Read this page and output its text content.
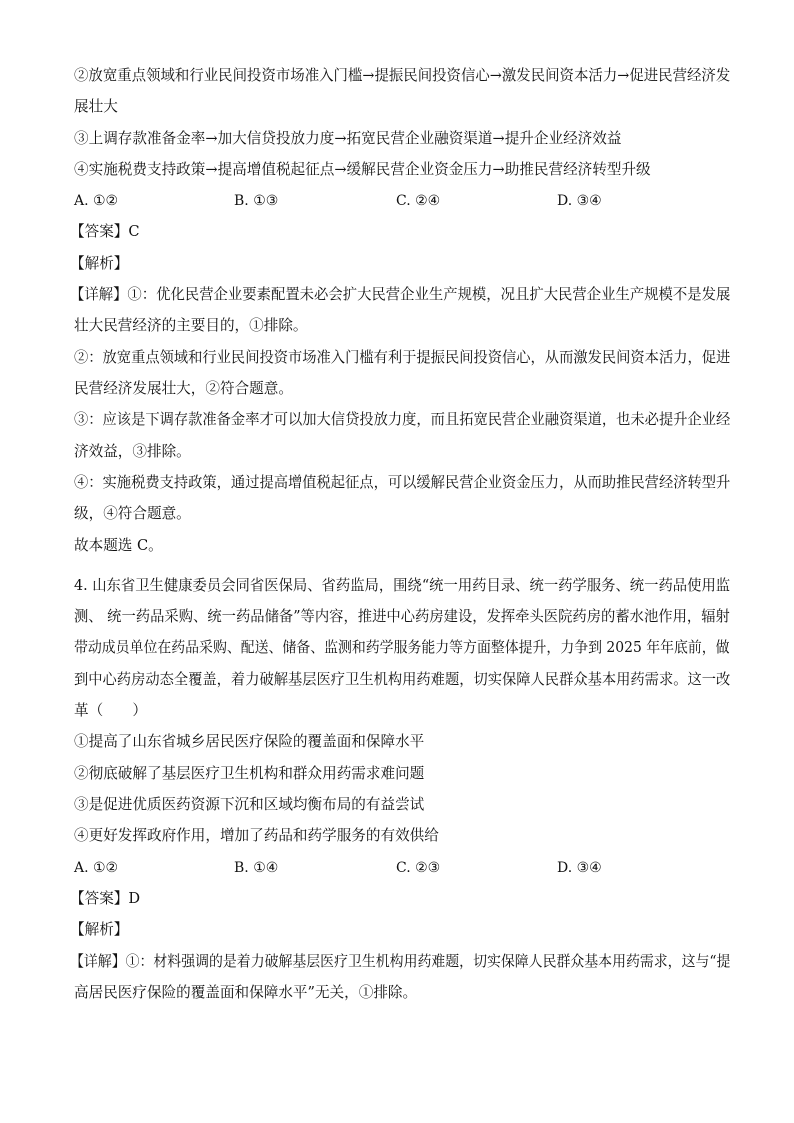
②放宽重点领域和行业民间投资市场准入门槛→提振民间投资信心→激发民间资本活力→促进民营经济发
展壮大
③上调存款准备金率→加大信贷投放力度→拓宽民营企业融资渠道→提升企业经济效益
④实施税费支持政策→提高增值税起征点→缓解民营企业资金压力→助推民营经济转型升级
A. ①②	B. ①③	C. ②④	D. ③④
【答案】C
【解析】
【详解】①：优化民营企业要素配置未必会扩大民营企业生产规模，况且扩大民营企业生产规模不是发展
壮大民营经济的主要目的，①排除。
②：放宽重点领域和行业民间投资市场准入门槛有利于提振民间投资信心，从而激发民间资本活力，促进
民营经济发展壮大，②符合题意。
③：应该是下调存款准备金率才可以加大信贷投放力度，而且拓宽民营企业融资渠道，也未必提升企业经
济效益，③排除。
④：实施税费支持政策，通过提高增值税起征点，可以缓解民营企业资金压力，从而助推民营经济转型升
级，④符合题意。
故本题选 C。
4. 山东省卫生健康委员会同省医保局、省药监局，围绕“统一用药目录、统一药学服务、统一药品使用监
测、 统一药品采购、统一药品储备”等内容，推进中心药房建设，发挥牵头医院药房的蓄水池作用，辐射
带动成员单位在药品采购、配送、储备、监测和药学服务能力等方面整体提升，力争到 2025 年年底前，做
到中心药房动态全覆盖，着力破解基层医疗卫生机构用药难题，切实保障人民群众基本用药需求。这一改
革（　　）
①提高了山东省城乡居民医疗保险的覆盖面和保障水平
②彻底破解了基层医疗卫生机构和群众用药需求难问题
③是促进优质医药资源下沉和区域均衡布局的有益尝试
④更好发挥政府作用，增加了药品和药学服务的有效供给
A. ①②	B. ①④	C. ②③	D. ③④
【答案】D
【解析】
【详解】①：材料强调的是着力破解基层医疗卫生机构用药难题，切实保障人民群众基本用药需求，这与“提
高居民医疗保险的覆盖面和保障水平”无关，①排除。
